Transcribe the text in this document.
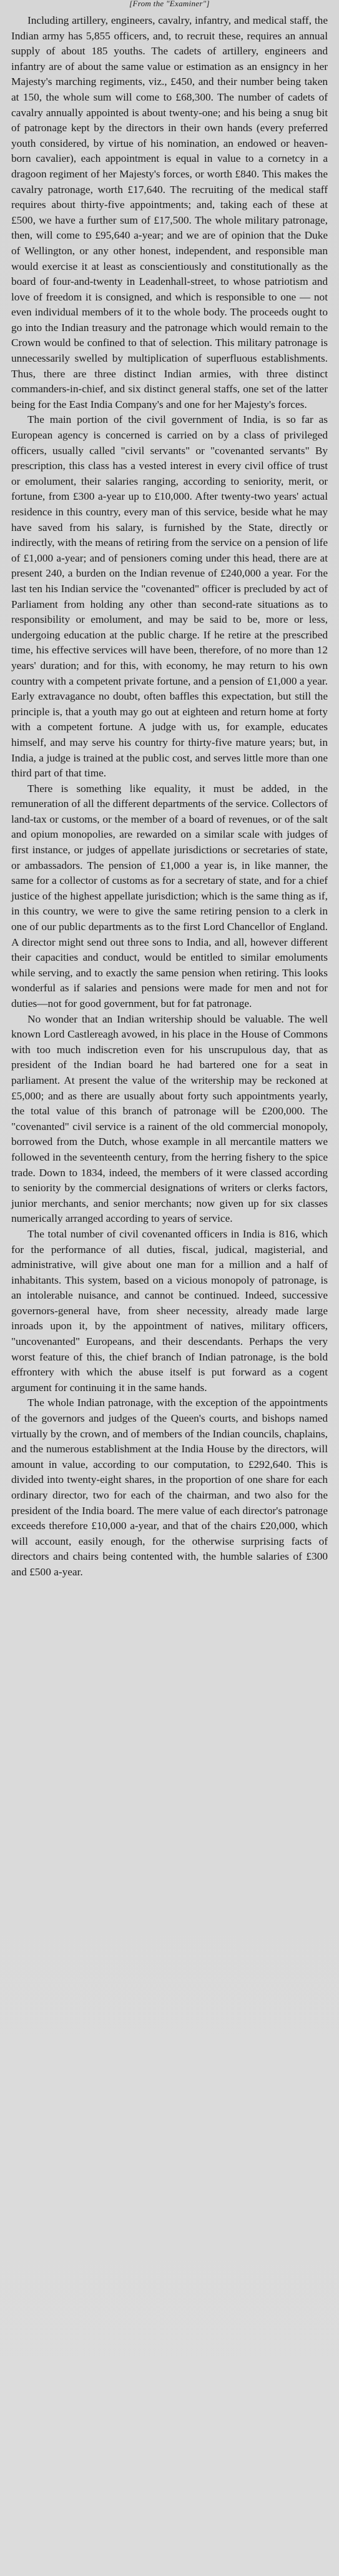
[From the "Examiner"]

Including artillery, engineers, cavalry, infantry, and medical staff, the Indian army has 5,855 officers, and, to recruit these, requires an annual supply of about 185 youths. The cadets of artillery, engineers and infantry are of about the same value or estimation as an ensigncy in her Majesty's marching regiments, viz., £450, and their number being taken at 150, the whole sum will come to £68,300. The number of cadets of cavalry annually appointed is about twenty-one; and his being a snug bit of patronage kept by the directors in their own hands (every preferred youth considered, by virtue of his nomination, an endowed or heaven-born cavalier), each appointment is equal in value to a cornetcy in a dragoon regiment of her Majesty's forces, or worth £840. This makes the cavalry patronage, worth £17,640. The recruiting of the medical staff requires about thirty-five appointments; and, taking each of these at £500, we have a further sum of £17,500. The whole military patronage, then, will come to £95,640 a-year; and we are of opinion that the Duke of Wellington, or any other honest, independent, and responsible man would exercise it at least as conscientiously and constitutionally as the board of four-and-twenty in Leadenhall-street, to whose patriotism and love of freedom it is consigned, and which is responsible to one — not even individual members of it to the whole body. The proceeds ought to go into the Indian treasury and the patronage which would remain to the Crown would be confined to that of selection. This military patronage is unnecessarily swelled by multiplication of superfluous establishments. Thus, there are three distinct Indian armies, with three distinct commanders-in-chief, and six distinct general staffs, one set of the latter being for the East India Company's and one for her Majesty's forces.

The main portion of the civil government of India, is so far as European agency is concerned is carried on by a class of privileged officers, usually called "civil servants" or "covenanted servants" By prescription, this class has a vested interest in every civil office of trust or emolument, their salaries ranging, according to seniority, merit, or fortune, from £300 a-year up to £10,000. After twenty-two years' actual residence in this country, every man of this service, beside what he may have saved from his salary, is furnished by the State, directly or indirectly, with the means of retiring from the service on a pension of life of £1,000 a-year; and of pensioners coming under this head, there are at present 240, a burden on the Indian revenue of £240,000 a year. For the last ten his Indian service the "covenanted" officer is precluded by act of Parliament from holding any other than second-rate situations as to responsibility or emolument, and may be said to be, more or less, undergoing education at the public charge. If he retire at the prescribed time, his effective services will have been, therefore, of no more than 12 years' duration; and for this, with economy, he may return to his own country with a competent private fortune, and a pension of £1,000 a year. Early extravagance no doubt, often baffles this expectation, but still the principle is, that a youth may go out at eighteen and return home at forty with a competent fortune. A judge with us, for example, educates himself, and may serve his country for thirty-five mature years; but, in India, a judge is trained at the public cost, and serves little more than one third part of that time.

There is something like equality, it must be added, in the remuneration of all the different departments of the service. Collectors of land-tax or customs, or the member of a board of revenues, or of the salt and opium monopolies, are rewarded on a similar scale with judges of first instance, or judges of appellate jurisdictions or secretaries of state, or ambassadors. The pension of £1,000 a year is, in like manner, the same for a collector of customs as for a secretary of state, and for a chief justice of the highest appellate jurisdiction; which is the same thing as if, in this country, we were to give the same retiring pension to a clerk in one of our public departments as to the first Lord Chancellor of England. A director might send out three sons to India, and all, however different their capacities and conduct, would be entitled to similar emoluments while serving, and to exactly the same pension when retiring. This looks wonderful as if salaries and pensions were made for men and not for duties—not for good government, but for fat patronage.

No wonder that an Indian writership should be valuable. The well known Lord Castlereagh avowed, in his place in the House of Commons with too much indiscretion even for his unscrupulous day, that as president of the Indian board he had bartered one for a seat in parliament. At present the value of the writership may be reckoned at £5,000; and as there are usually about forty such appointments yearly, the total value of this branch of patronage will be £200,000. The "covenanted" civil service is a rainent of the old commercial monopoly, borrowed from the Dutch, whose example in all mercantile matters we followed in the seventeenth century, from the herring fishery to the spice trade. Down to 1834, indeed, the members of it were classed according to seniority by the commercial designations of writers or clerks factors, junior merchants, and senior merchants; now given up for six classes numerically arranged according to years of service.

The total number of civil covenanted officers in India is 816, which for the performance of all duties, fiscal, judical, magisterial, and administrative, will give about one man for a million and a half of inhabitants. This system, based on a vicious monopoly of patronage, is an intolerable nuisance, and cannot be continued. Indeed, successive governors-general have, from sheer necessity, already made large inroads upon it, by the appointment of natives, military officers, "uncovenanted" Europeans, and their descendants. Perhaps the very worst feature of this, the chief branch of Indian patronage, is the bold effrontery with which the abuse itself is put forward as a cogent argument for continuing it in the same hands.

The whole Indian patronage, with the exception of the appointments of the governors and judges of the Queen's courts, and bishops named virtually by the crown, and of members of the Indian councils, chaplains, and the numerous establishment at the India House by the directors, will amount in value, according to our computation, to £292,640. This is divided into twenty-eight shares, in the proportion of one share for each ordinary director, two for each of the chairman, and two also for the president of the India board. The mere value of each director's patronage exceeds therefore £10,000 a-year, and that of the chairs £20,000, which will account, easily enough, for the otherwise surprising facts of directors and chairs being contented with, the humble salaries of £300 and £500 a-year.
